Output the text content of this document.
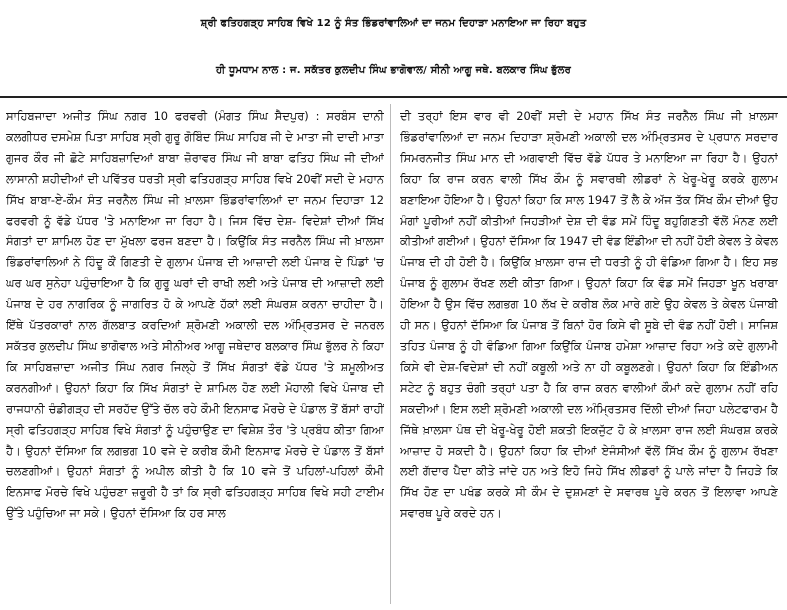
ਸ਼੍ਰੀ ਫਤਿਹਗੜ੍ਹ ਸਾਹਿਬ ਵਿਖੇ 12 ਨੂੰ ਸੰਤ ਭਿੰਡਰਾਂਵਾਲਿਆਂ ਦਾ ਜਨਮ ਦਿਹਾੜਾ ਮਨਾਇਆ ਜਾ ਰਿਹਾ ਬਹੁਤ
ਹੀ ਧੂਮਧਾਮ ਨਾਲ : ਜ. ਸਕੱਤਰ ਕੁਲਦੀਪ ਸਿੰਘ ਭਾਗੋਵਾਲ/ ਸੀਨੀ ਆਗੂ ਜਥੇ. ਬਲਕਾਰ ਸਿੰਘ ਭੁੱਲਰ

ਸਾਹਿਬਜਾਦਾ ਅਜੀਤ ਸਿੰਘ ਨਗਰ 10 ਫਰਵਰੀ (ਮੰਗਤ ਸਿੰਘ ਸੈਦਪੁਰ) : ਸਰਬੰਸ ਦਾਨੀ ਕਲਗੀਧਰ ਦਸਮੇਸ਼ ਪਿਤਾ ਸਾਹਿਬ ਸ੍ਰੀ ਗੁਰੂ ਗੋਬਿੰਦ ਸਿੰਘ ਸਾਹਿਬ ਜੀ ਦੇ ਮਾਤਾ ਜੀ ਦਾਦੀ ਮਾਤਾ ਗੁਜਰ ਕੌਰ ਜੀ ਛੋਟੇ ਸਾਹਿਬਜ਼ਾਦਿਆਂ ਬਾਬਾ ਜ਼ੋਰਾਵਰ ਸਿੰਘ ਜੀ ਬਾਬਾ ਫਤਿਹ ਸਿੰਘ ਜੀ ਦੀਆਂ ਲਾਸਾਨੀ ਸ਼ਹੀਦੀਆਂ ਦੀ ਪਵਿੱਤਰ ਧਰਤੀ ਸ੍ਰੀ ਫਤਿਹਗੜ੍ਹ ਸਾਹਿਬ ਵਿਖੇ 20ਵੀਂ ਸਦੀ ਦੇ ਮਹਾਨ ਸਿੱਖ ਬਾਬਾ-ਏ-ਕੌਮ ਸੰਤ ਜਰਨੈਲ ਸਿੰਘ ਜੀ ਖ਼ਾਲਸਾ ਭਿੰਡਰਾਂਵਾਲਿਆਂ ਦਾ ਜਨਮ ਦਿਹਾੜਾ 12 ਫਰਵਰੀ ਨੂੰ ਵੱਡੇ ਪੱਧਰ 'ਤੇ ਮਨਾਇਆ ਜਾ ਰਿਹਾ ਹੈ। ਜਿਸ ਵਿੱਚ ਦੇਸ਼- ਵਿਦੇਸ਼ਾਂ ਦੀਆਂ ਸਿੱਖ ਸੰਗਤਾਂ ਦਾ ਸ਼ਾਮਿਲ ਹੋਣ ਦਾ ਮੁੱਖਲਾ ਫਰਜ ਬਣਦਾ ਹੈ। ਕਿਉਂਕਿ ਸੰਤ ਜਰਨੈਲ ਸਿੰਘ ਜੀ ਖ਼ਾਲਸਾ ਭਿੰਡਰਾਂਵਾਲਿਆਂ ਨੇ ਹਿੰਦੂ ਕੌਂ ਗਿਣਤੀ ਦੇ ਗੁਲਾਮ ਪੰਜਾਬ ਦੀ ਆਜ਼ਾਦੀ ਲਈ ਪੰਜਾਬ ਦੇ ਪਿੰਡਾਂ 'ਚ ਘਰ ਘਰ ਸੁਨੇਹਾ ਪਹੁੰਚਾਇਆ ਹੈ ਕਿ ਗੁਰੂ ਘਰਾਂ ਦੀ ਰਾਖੀ ਲਈ ਅਤੇ ਪੰਜਾਬ ਦੀ ਆਜ਼ਾਦੀ ਲਈ ਪੰਜਾਬ ਦੇ ਹਰ ਨਾਗਰਿਕ ਨੂੰ ਜਾਗਰਿਤ ਹੋ ਕੇ ਆਪਣੇ ਹੱਕਾਂ ਲਈ ਸੰਘਰਸ਼ ਕਰਨਾ ਚਾਹੀਦਾ ਹੈ। ਇੱਥੇ ਪੱਤਰਕਾਰਾਂ ਨਾਲ ਗੱਲਬਾਤ ਕਰਦਿਆਂ ਸ਼੍ਰੋਮਣੀ ਅਕਾਲੀ ਦਲ ਅੰਮ੍ਰਿਤਸਰ ਦੇ ਜਨਰਲ ਸਕੱਤਰ ਕੁਲਦੀਪ ਸਿੰਘ ਭਾਗੋਵਾਲ ਅਤੇ ਸੀਨੀਅਰ ਆਗੂ ਜਥੇਦਾਰ ਬਲਕਾਰ ਸਿੰਘ ਭੁੱਲਰ ਨੇ ਕਿਹਾ ਕਿ ਸਾਹਿਬਜ਼ਾਦਾ ਅਜੀਤ ਸਿੰਘ ਨਗਰ ਜਿਲ੍ਹੇ ਤੋਂ ਸਿੱਖ ਸੰਗਤਾਂ ਵੱਡੇ ਪੱਧਰ 'ਤੇ ਸ਼ਮੂਲੀਅਤ ਕਰਨਗੀਆਂ। ਉਹਨਾਂ ਕਿਹਾ ਕਿ ਸਿੱਖ ਸੰਗਤਾਂ ਦੇ ਸ਼ਾਮਿਲ ਹੋਣ ਲਈ ਮੋਹਾਲੀ ਵਿਖੇ ਪੰਜਾਬ ਦੀ ਰਾਜਧਾਨੀ ਚੰਡੀਗੜ੍ਹ ਦੀ ਸਰਹੱਦ ਉੱਤੇ ਚੱਲ ਰਹੇ ਕੌਮੀ ਇਨਸਾਫ ਮੋਰਚੇ ਦੇ ਪੰਡਾਲ ਤੋਂ ਬੱਸਾਂ ਰਾਹੀਂ ਸ੍ਰੀ ਫਤਿਹਗੜ੍ਹ ਸਾਹਿਬ ਵਿਖੇ ਸੰਗਤਾਂ ਨੂੰ ਪਹੁੰਚਾਉਣ ਦਾ ਵਿਸ਼ੇਸ਼ ਤੌਰ 'ਤੇ ਪ੍ਰਬੰਧ ਕੀਤਾ ਗਿਆ ਹੈ। ਉਹਨਾਂ ਦੱਸਿਆ ਕਿ ਲਗਭਗ 10 ਵਜੇ ਦੇ ਕਰੀਬ ਕੌਮੀ ਇਨਸਾਫ ਮੋਰਚੇ ਦੇ ਪੰਡਾਲ ਤੋਂ ਬੱਸਾਂ ਚਲਣਗੀਆਂ। ਉਹਨਾਂ ਸੰਗਤਾਂ ਨੂੰ ਅਪੀਲ ਕੀਤੀ ਹੈ ਕਿ 10 ਵਜੇ ਤੋਂ ਪਹਿਲਾਂ-ਪਹਿਲਾਂ ਕੌਮੀ ਇਨਸਾਫ ਮੋਰਚੇ ਵਿਖੇ ਪਹੁੰਚਣਾ ਜ਼ਰੂਰੀ ਹੈ ਤਾਂ ਕਿ ਸ੍ਰੀ ਫਤਿਹਗੜ੍ਹ ਸਾਹਿਬ ਵਿਖੇ ਸਹੀ ਟਾਈਮ ਉੱਤੇ ਪਹੁੰਚਿਆ ਜਾ ਸਕੇ। ਉਹਨਾਂ ਦੱਸਿਆ ਕਿ ਹਰ ਸਾਲ

ਦੀ ਤਰ੍ਹਾਂ ਇਸ ਵਾਰ ਵੀ 20ਵੀਂ ਸਦੀ ਦੇ ਮਹਾਨ ਸਿੱਖ ਸੰਤ ਜਰਨੈਲ ਸਿੰਘ ਜੀ ਖ਼ਾਲਸਾ ਭਿੰਡਰਾਂਵਾਲਿਆਂ ਦਾ ਜਨਮ ਦਿਹਾੜਾ ਸ਼੍ਰੋਮਣੀ ਅਕਾਲੀ ਦਲ ਅੰਮ੍ਰਿਤਸਰ ਦੇ ਪ੍ਰਧਾਨ ਸਰਦਾਰ ਸਿਮਰਨਜੀਤ ਸਿੰਘ ਮਾਨ ਦੀ ਅਗਵਾਈ ਵਿੱਚ ਵੱਡੇ ਪੱਧਰ ਤੇ ਮਨਾਇਆ ਜਾ ਰਿਹਾ ਹੈ। ਉਹਨਾਂ ਕਿਹਾ ਕਿ ਰਾਜ ਕਰਨ ਵਾਲੀ ਸਿੱਖ ਕੌਮ ਨੂੰ ਸਵਾਰਥੀ ਲੀਡਰਾਂ ਨੇ ਖੇਰੂ-ਖੇਰੂ ਕਰਕੇ ਗੁਲਾਮ ਬਣਾਇਆ ਹੋਇਆ ਹੈ। ਉਹਨਾਂ ਕਿਹਾ ਕਿ ਸਾਲ 1947 ਤੋਂ ਲੈ ਕੇ ਅੱਜ ਤੱਕ ਸਿੱਖ ਕੌਮ ਦੀਆਂ ਉਹ ਮੰਗਾਂ ਪੂਰੀਆਂ ਨਹੀਂ ਕੀਤੀਆਂ ਜਿਹੜੀਆਂ ਦੇਸ਼ ਦੀ ਵੰਡ ਸਮੇਂ ਹਿੰਦੂ ਬਹੁਗਿਣਤੀ ਵੱਲੋਂ ਮੰਨਣ ਲਈ ਕੀਤੀਆਂ ਗਈਆਂ। ਉਹਨਾਂ ਦੱਸਿਆ ਕਿ 1947 ਦੀ ਵੰਡ ਇੰਡੀਆ ਦੀ ਨਹੀਂ ਹੋਈ ਕੇਵਲ ਤੇ ਕੇਵਲ ਪੰਜਾਬ ਦੀ ਹੀ ਹੋਈ ਹੈ। ਕਿਉਂਕਿ ਖ਼ਾਲਸਾ ਰਾਜ ਦੀ ਧਰਤੀ ਨੂੰ ਹੀ ਵੰਡਿਆ ਗਿਆ ਹੈ। ਇਹ ਸਭ ਪੰਜਾਬ ਨੂੰ ਗੁਲਾਮ ਰੱਖਣ ਲਈ ਕੀਤਾ ਗਿਆ। ਉਹਨਾਂ ਕਿਹਾ ਕਿ ਵੰਡ ਸਮੇਂ ਜਿਹੜਾ ਖੂਨ ਖਰਾਬਾ ਹੋਇਆ ਹੈ ਉਸ ਵਿੱਚ ਲਗਭਗ 10 ਲੱਖ ਦੇ ਕਰੀਬ ਲੋਕ ਮਾਰੇ ਗਏ ਉਹ ਕੇਵਲ ਤੇ ਕੇਵਲ ਪੰਜਾਬੀ ਹੀ ਸਨ। ਉਹਨਾਂ ਦੱਸਿਆ ਕਿ ਪੰਜਾਬ ਤੋਂ ਬਿਨਾਂ ਹੋਰ ਕਿਸੇ ਵੀ ਸੂਬੇ ਦੀ ਵੰਡ ਨਹੀਂ ਹੋਈ। ਸਾਜਿਸ਼ ਤਹਿਤ ਪੰਜਾਬ ਨੂੰ ਹੀ ਵੰਡਿਆ ਗਿਆ ਕਿਉਂਕਿ ਪੰਜਾਬ ਹਮੇਸ਼ਾ ਆਜ਼ਾਦ ਰਿਹਾ ਅਤੇ ਕਦੇ ਗੁਲਾਮੀ ਕਿਸੇ ਵੀ ਦੇਸ਼-ਵਿਦੇਸ਼ਾਂ ਦੀ ਨਹੀਂ ਕਬੂਲੀ ਅਤੇ ਨਾ ਹੀ ਕਬੂਲਣਗੇ। ਉਹਨਾਂ ਕਿਹਾ ਕਿ ਇੰਡੀਅਨ ਸਟੇਟ ਨੂੰ ਬਹੁਤ ਚੰਗੀ ਤਰ੍ਹਾਂ ਪਤਾ ਹੈ ਕਿ ਰਾਜ ਕਰਨ ਵਾਲੀਆਂ ਕੌਮਾਂ ਕਦੇ ਗੁਲਾਮ ਨਹੀਂ ਰਹਿ ਸਕਦੀਆਂ। ਇਸ ਲਈ ਸ਼੍ਰੋਮਣੀ ਅਕਾਲੀ ਦਲ ਅੰਮ੍ਰਿਤਸਰ ਦਿੱਲੀ ਦੀਆਂ ਜਿਹਾ ਪਲੇਟਫਾਰਮ ਹੈ ਜਿੱਥੇ ਖ਼ਾਲਸਾ ਪੰਥ ਦੀ ਖੇਰੂ-ਖੇਰੂ ਹੋਈ ਸ਼ਕਤੀ ਇਕਜੁੱਟ ਹੋ ਕੇ ਖ਼ਾਲਸਾ ਰਾਜ ਲਈ ਸੰਘਰਸ਼ ਕਰਕੇ ਆਜ਼ਾਦ ਹੋ ਸਕਦੀ ਹੈ। ਉਹਨਾਂ ਕਿਹਾ ਕਿ ਦੀਆਂ ਏਜੰਸੀਆਂ ਵੱਲੋਂ ਸਿੱਖ ਕੌਮ ਨੂੰ ਗੁਲਾਮ ਰੱਖਣਾ ਲਈ ਗੱਦਾਰ ਪੈਦਾ ਕੀਤੇ ਜਾਂਦੇ ਹਨ ਅਤੇ ਇਹੋ ਜਿਹੇ ਸਿੱਖ ਲੀਡਰਾਂ ਨੂੰ ਪਾਲੇ ਜਾਂਦਾ ਹੈ ਜਿਹੜੇ ਕਿ ਸਿੱਖ ਹੋਣ ਦਾ ਪਖੰਡ ਕਰਕੇ ਸੀ ਕੌਮ ਦੇ ਦੁਸ਼ਮਣਾਂ ਦੇ ਸਵਾਰਥ ਪੂਰੇ ਕਰਨ ਤੋਂ ਇਲਾਵਾ ਆਪਣੇ ਸਵਾਰਥ ਪੂਰੇ ਕਰਦੇ ਹਨ।
